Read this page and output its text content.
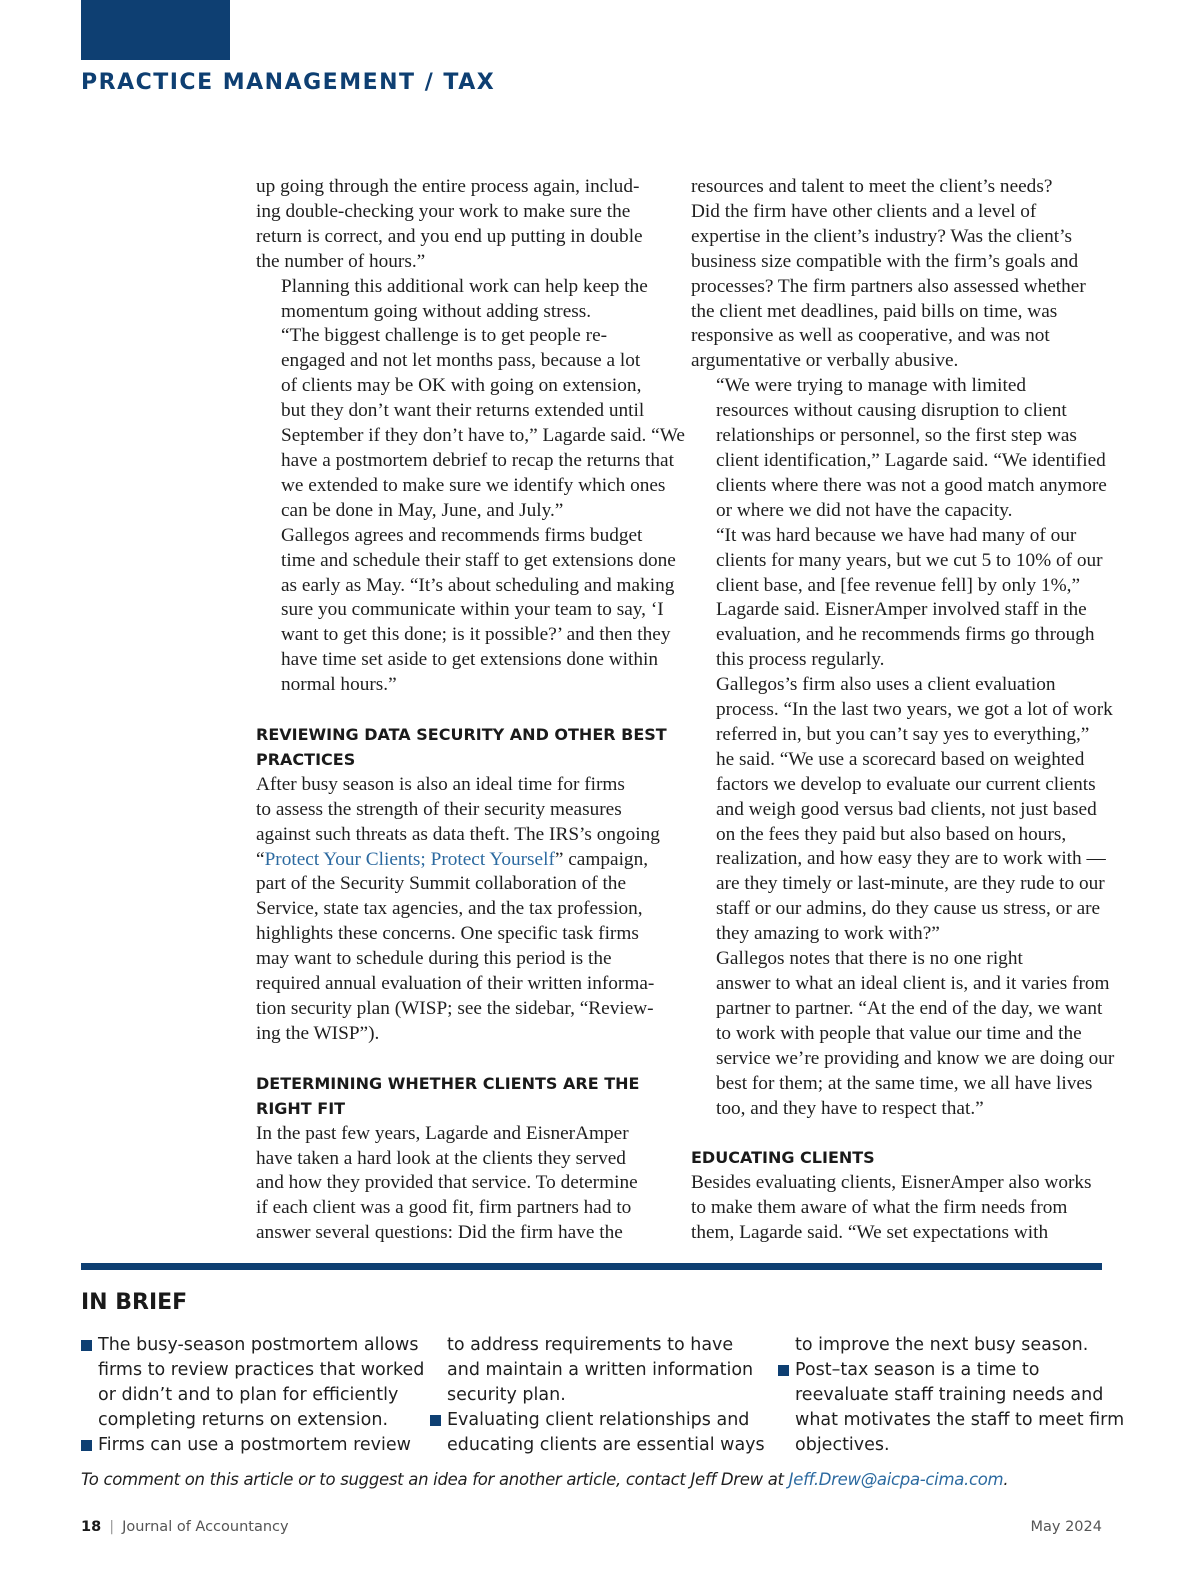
PRACTICE MANAGEMENT / TAX

up going through the entire process again, includ-
ing double-checking your work to make sure the
return is correct, and you end up putting in double
the number of hours.”

Planning this additional work can help keep the
momentum going without adding stress.

“The biggest challenge is to get people re-
engaged and not let months pass, because a lot
of clients may be OK with going on extension,
but they don’t want their returns extended until
September if they don’t have to,” Lagarde said. “We
have a postmortem debrief to recap the returns that
we extended to make sure we identify which ones
can be done in May, June, and July.”

Gallegos agrees and recommends firms budget
time and schedule their staff to get extensions done
as early as May. “It’s about scheduling and making
sure you communicate within your team to say, ‘I
want to get this done; is it possible?’ and then they
have time set aside to get extensions done within
normal hours.”

REVIEWING DATA SECURITY AND OTHER BEST
PRACTICES

After busy season is also an ideal time for firms
to assess the strength of their security measures
against such threats as data theft. The IRS’s ongoing
“Protect Your Clients; Protect Yourself” campaign,
part of the Security Summit collaboration of the
Service, state tax agencies, and the tax profession,
highlights these concerns. One specific task firms
may want to schedule during this period is the
required annual evaluation of their written informa-
tion security plan (WISP; see the sidebar, “Review-
ing the WISP”).

DETERMINING WHETHER CLIENTS ARE THE
RIGHT FIT

In the past few years, Lagarde and EisnerAmper
have taken a hard look at the clients they served
and how they provided that service. To determine
if each client was a good fit, firm partners had to
answer several questions: Did the firm have the

resources and talent to meet the client’s needs?
Did the firm have other clients and a level of
expertise in the client’s industry? Was the client’s
business size compatible with the firm’s goals and
processes? The firm partners also assessed whether
the client met deadlines, paid bills on time, was
responsive as well as cooperative, and was not
argumentative or verbally abusive.

“We were trying to manage with limited
resources without causing disruption to client
relationships or personnel, so the first step was
client identification,” Lagarde said. “We identified
clients where there was not a good match anymore
or where we did not have the capacity.

“It was hard because we have had many of our
clients for many years, but we cut 5 to 10% of our
client base, and [fee revenue fell] by only 1%,”
Lagarde said. EisnerAmper involved staff in the
evaluation, and he recommends firms go through
this process regularly.

Gallegos’s firm also uses a client evaluation
process. “In the last two years, we got a lot of work
referred in, but you can’t say yes to everything,”
he said. “We use a scorecard based on weighted
factors we develop to evaluate our current clients
and weigh good versus bad clients, not just based
on the fees they paid but also based on hours,
realization, and how easy they are to work with —
are they timely or last-minute, are they rude to our
staff or our admins, do they cause us stress, or are
they amazing to work with?”

Gallegos notes that there is no one right
answer to what an ideal client is, and it varies from
partner to partner. “At the end of the day, we want
to work with people that value our time and the
service we’re providing and know we are doing our
best for them; at the same time, we all have lives
too, and they have to respect that.”

EDUCATING CLIENTS

Besides evaluating clients, EisnerAmper also works
to make them aware of what the firm needs from
them, Lagarde said. “We set expectations with

IN BRIEF
The busy-season postmortem allows
firms to review practices that worked
or didn’t and to plan for efficiently
completing returns on extension.
Firms can use a postmortem review
to address requirements to have
and maintain a written information
security plan.
Evaluating client relationships and
educating clients are essential ways
to improve the next busy season.
Post–tax season is a time to
reevaluate staff training needs and
what motivates the staff to meet firm
objectives.
To comment on this article or to suggest an idea for another article, contact Jeff Drew at Jeff.Drew@aicpa-cima.com.
18 | Journal of Accountancy	May 2024
